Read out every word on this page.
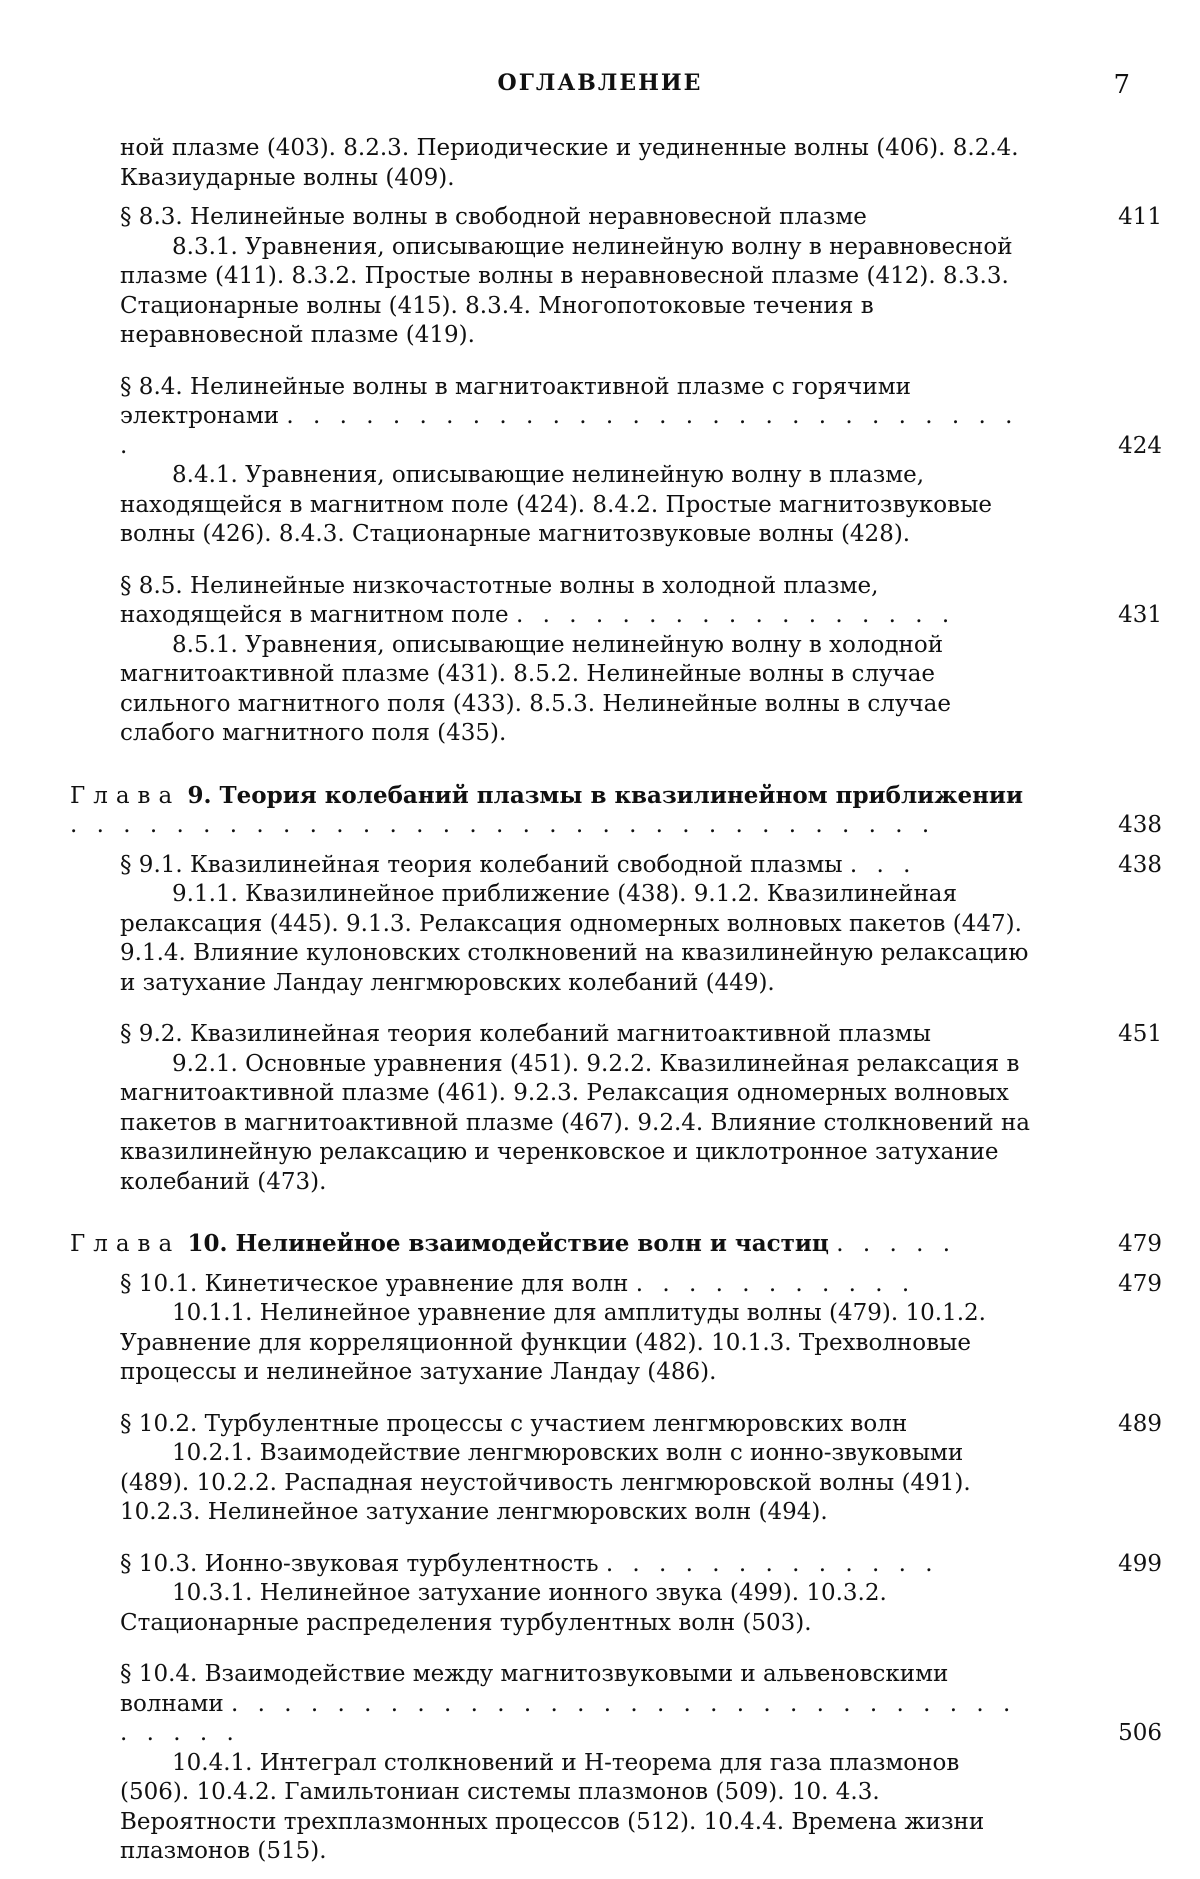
ОГЛАВЛЕНИЕ	7
ной плазме (403). 8.2.3. Периодические и уединенные волны (406). 8.2.4. Квазиударные волны (409).
§ 8.3. Нелинейные волны в свободной неравновесной плазме	411
8.3.1. Уравнения, описывающие нелинейную волну в неравновесной плазме (411). 8.3.2. Простые волны в неравновесной плазме (412). 8.3.3. Стационарные волны (415). 8.3.4. Многопотоковые течения в неравновесной плазме (419).
§ 8.4. Нелинейные волны в магнитоактивной плазме с горячими электронами . . . . . . . . . . . . . . . . . . . . . . . . . . . . .	424
8.4.1. Уравнения, описывающие нелинейную волну в плазме, находящейся в магнитном поле (424). 8.4.2. Простые магнитозвуковые волны (426). 8.4.3. Стационарные магнитозвуковые волны (428).
§ 8.5. Нелинейные низкочастотные волны в холодной плазме, находящейся в магнитном поле . . . . . . . . . . . . . . . . .	431
8.5.1. Уравнения, описывающие нелинейную волну в холодной магнитоактивной плазме (431). 8.5.2. Нелинейные волны в случае сильного магнитного поля (433). 8.5.3. Нелинейные волны в случае слабого магнитного поля (435).
Глава 9. Теория колебаний плазмы в квазилинейном приближении . . . . . . . . . . . . . . . . . . . . . . . . . . . . . . . . .	438
§ 9.1. Квазилинейная теория колебаний свободной плазмы . . .	438
9.1.1. Квазилинейное приближение (438). 9.1.2. Квазилинейная релаксация (445). 9.1.3. Релаксация одномерных волновых пакетов (447). 9.1.4. Влияние кулоновских столкновений на квазилинейную релаксацию и затухание Ландау ленгмюровских колебаний (449).
§ 9.2. Квазилинейная теория колебаний магнитоактивной плазмы	451
9.2.1. Основные уравнения (451). 9.2.2. Квазилинейная релаксация в магнитоактивной плазме (461). 9.2.3. Релаксация одномерных волновых пакетов в магнитоактивной плазме (467). 9.2.4. Влияние столкновений на квазилинейную релаксацию и черенковское и циклотронное затухание колебаний (473).
Глава 10. Нелинейное взаимодействие волн и частиц . . . . .	479
§ 10.1. Кинетическое уравнение для волн . . . . . . . . . . .	479
10.1.1. Нелинейное уравнение для амплитуды волны (479). 10.1.2. Уравнение для корреляционной функции (482). 10.1.3. Трехволновые процессы и нелинейное затухание Ландау (486).
§ 10.2. Турбулентные процессы с участием ленгмюровских волн	489
10.2.1. Взаимодействие ленгмюровских волн с ионно-звуковыми (489). 10.2.2. Распадная неустойчивость ленгмюровской волны (491). 10.2.3. Нелинейное затухание ленгмюровских волн (494).
§ 10.3. Ионно-звуковая турбулентность . . . . . . . . . . . . .	499
10.3.1. Нелинейное затухание ионного звука (499). 10.3.2. Стационарные распределения турбулентных волн (503).
§ 10.4. Взаимодействие между магнитозвуковыми и альвеновскими волнами . . . . . . . . . . . . . . . . . . . . . . . . . . . . . . . . . . .	506
10.4.1. Интеграл столкновений и H-теорема для газа плазмонов (506). 10.4.2. Гамильтониан системы плазмонов (509). 10. 4.3. Вероятности трехплазмонных процессов (512). 10.4.4. Времена жизни плазмонов (515).
